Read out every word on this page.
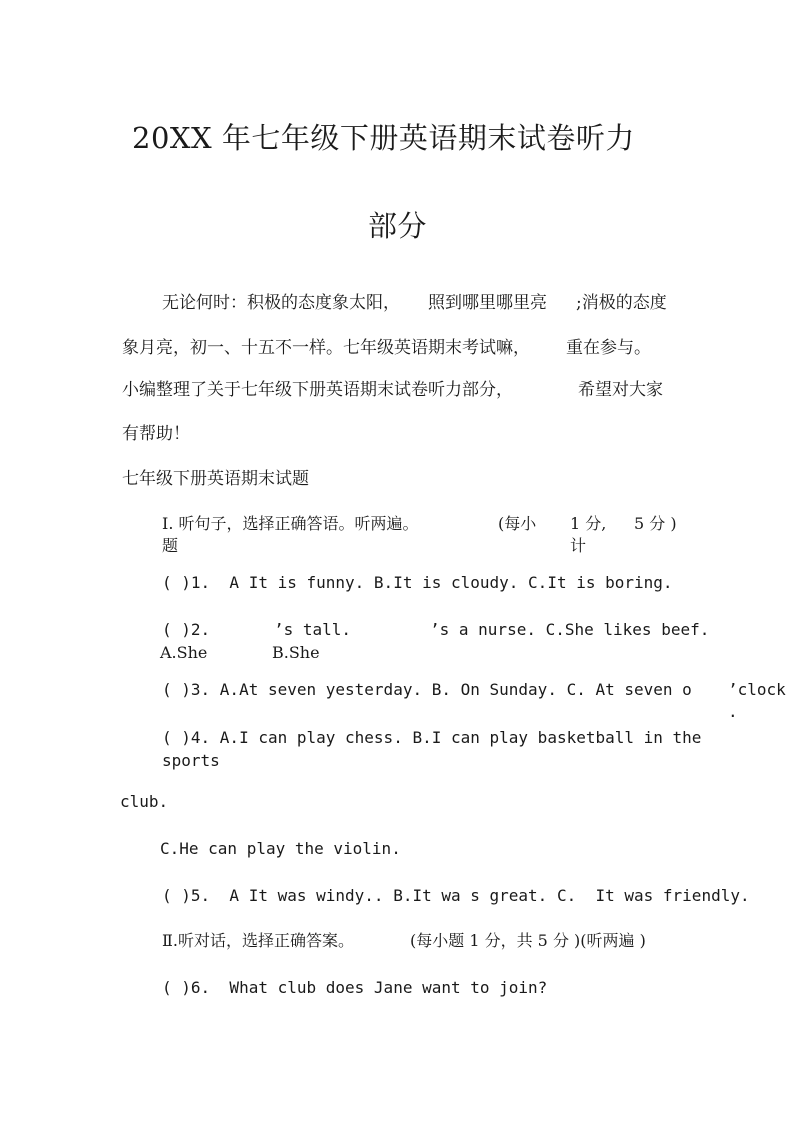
20XX 年七年级下册英语期末试卷听力
部分
无论何时：积极的态度象太阳， 照到哪里哪里亮 ;消极的态度
象月亮，初一、十五不一样。七年级英语期末考试嘛， 重在参与。
小编整理了关于七年级下册英语期末试卷听力部分，	希望对大家
有帮助！
七年级下册英语期末试题
Ⅰ. 听句子，选择正确答语。听两遍。	(每小 1 分, 5 分 )
题	计
( )1.  A It is funny. B.It is cloudy. C.It is boring.
( )2.	’s tall.	’s a nurse. C.She likes beef.
A.She	B.She
( )3. A.At seven yesterday. B. On Sunday. C. At seven o ’clock
.
( )4. A.I can play chess. B.I can play basketball in the
sports
club.
C.He can play the violin.
( )5.  A It was windy.. B.It wa s great. C.  It was friendly.
Ⅱ.听对话，选择正确答案。	(每小题 1 分，共 5 分 )(听两遍 )
( )6.  What club does Jane want to join?
